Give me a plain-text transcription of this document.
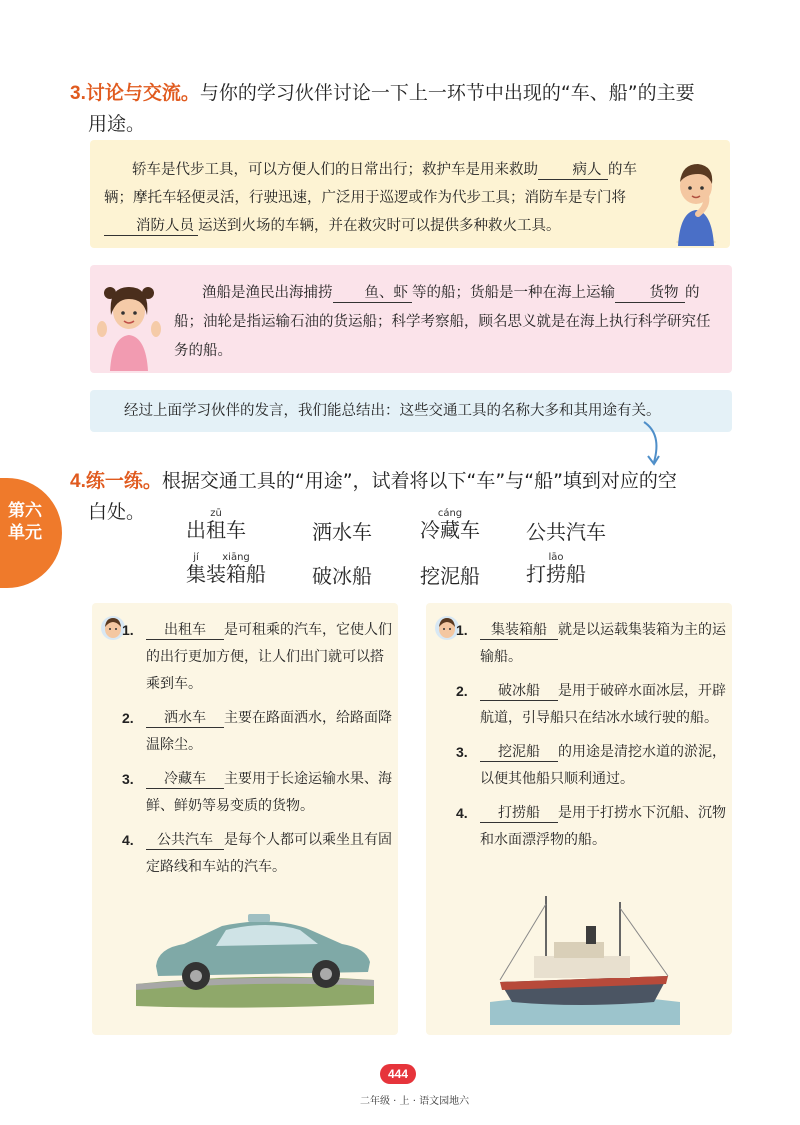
3.讨论与交流。与你的学习伙伴讨论一下上一环节中出现的“车、船”的主要
用途。
轿车是代步工具，可以方便人们的日常出行；救护车是用来救助 病人 的车辆；摩托车轻便灵活，行驶迅速，广泛用于巡逻或作为代步工具；消防车是专门将消防人员 运送到火场的车辆，并在救灾时可以提供多种救火工具。
渔船是渔民出海捕捞 鱼、虾 等的船；货船是一种在海上运输 货物 的船；油轮是指运输石油的货运船；科学考察船，顾名思义就是在海上执行科学研究任务的船。
经过上面学习伙伴的发言，我们能总结出：这些交通工具的名称大多和其用途有关。
第六
单元
4.练一练。根据交通工具的“用途”，试着将以下“车”与“船”填到对应的空
白处。
出租zū车	洒水车 冷藏cáng车 公共汽车
集jí装箱xiāng船 破冰船 挖泥船 打捞lāo船
1.	出租车 是可租乘的汽车，它使人们的出行更加方便，让人们出门就可以搭乘到车。
2.	洒水车 主要在路面洒水，给路面降温除尘。
3.	冷藏车 主要用于长途运输水果、海鲜、鲜奶等易变质的货物。
4.	公共汽车 是每个人都可以乘坐且有固定路线和车站的汽车。
1.	集装箱船 就是以运载集装箱为主的运输船。
2.	破冰船 是用于破碎水面冰层，开辟航道，引导船只在结冰水域行驶的船。
3.	挖泥船 的用途是清挖水道的淤泥，以便其他船只顺利通过。
4.	打捞船 是用于打捞水下沉船、沉物和水面漂浮物的船。
444
二年级 · 上 · 语文园地六
